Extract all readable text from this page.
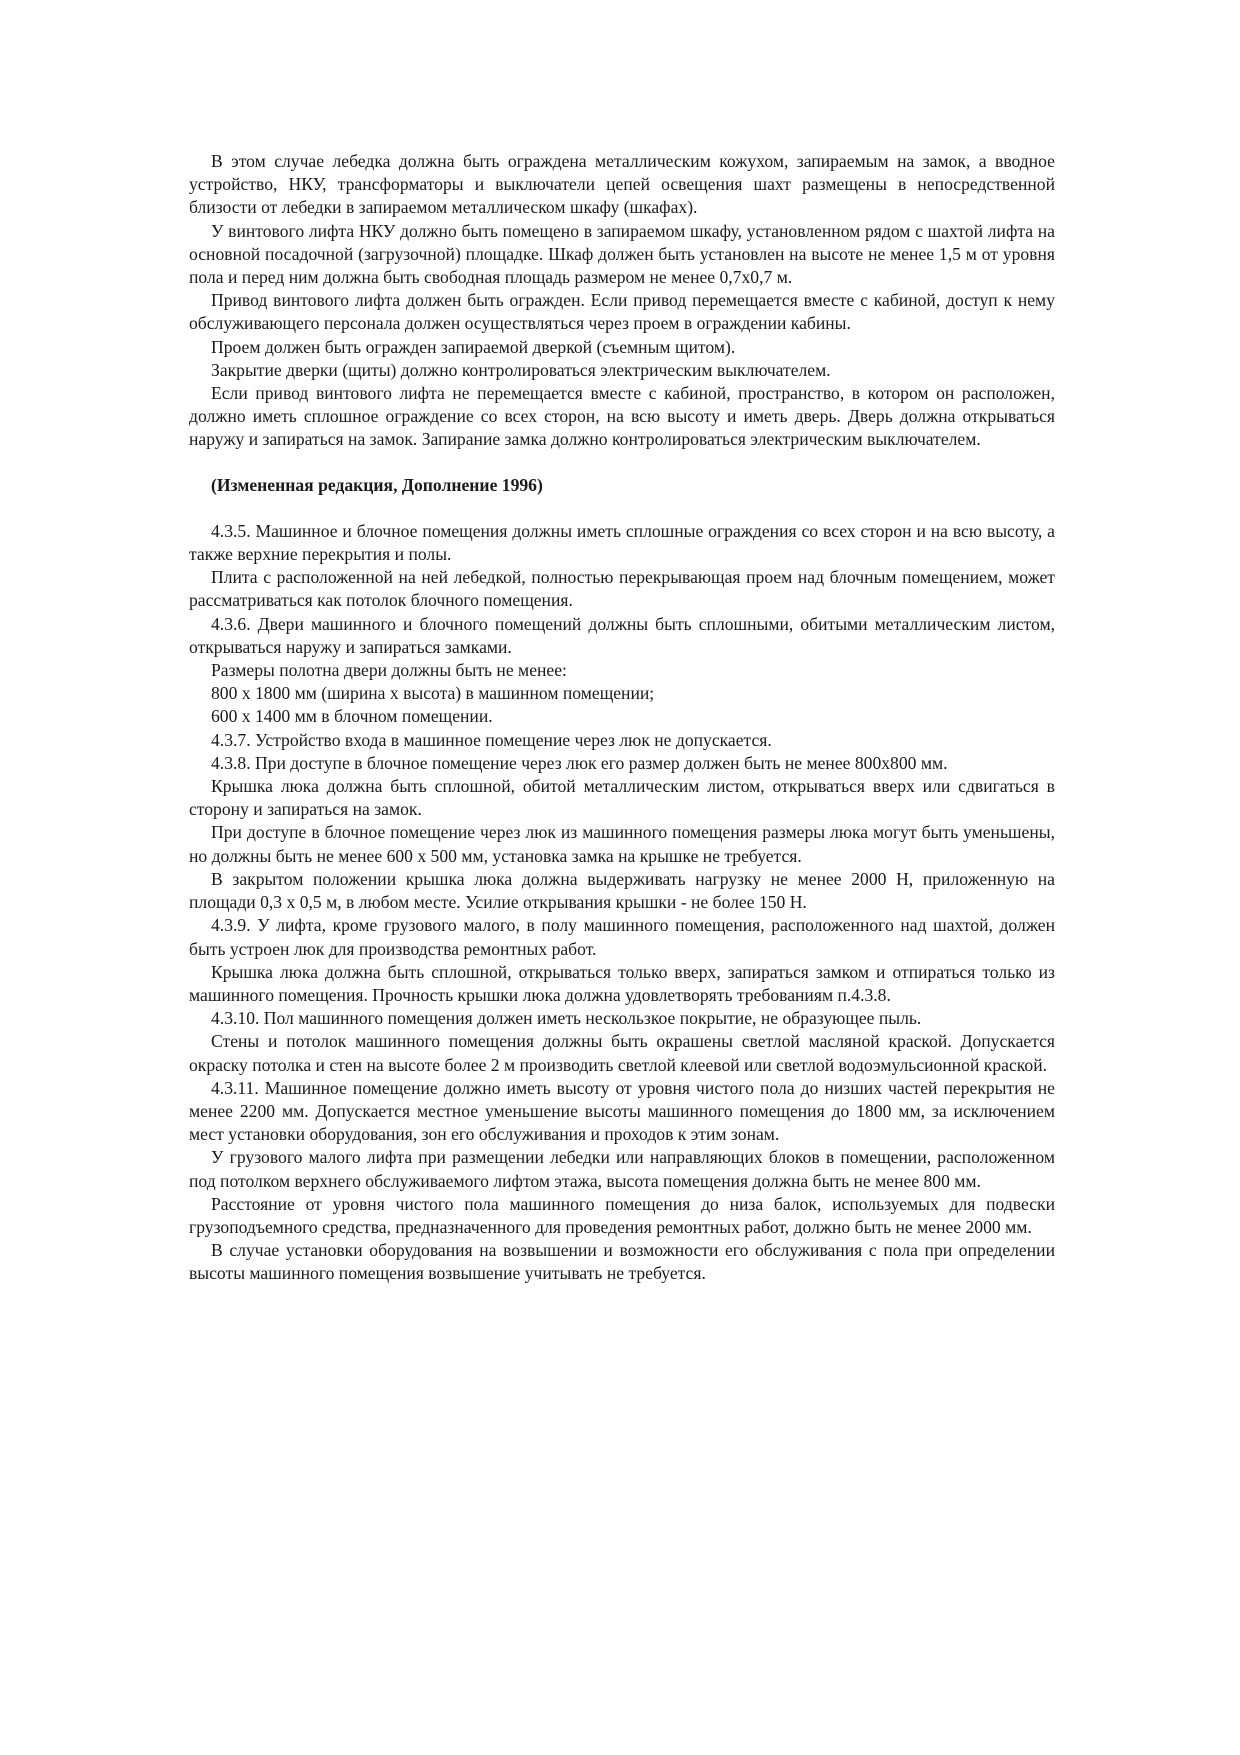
В этом случае лебедка должна быть ограждена металлическим кожухом, запираемым на замок, а вводное устройство, НКУ, трансформаторы и выключатели цепей освещения шахт размещены в непосредственной близости от лебедки в запираемом металлическом шкафу (шкафах).

У винтового лифта НКУ должно быть помещено в запираемом шкафу, установленном рядом с шахтой лифта на основной посадочной (загрузочной) площадке. Шкаф должен быть установлен на высоте не менее 1,5 м от уровня пола и перед ним должна быть свободная площадь размером не менее 0,7х0,7 м.

Привод винтового лифта должен быть огражден. Если привод перемещается вместе с кабиной, доступ к нему обслуживающего персонала должен осуществляться через проем в ограждении кабины.

Проем должен быть огражден запираемой дверкой (съемным щитом).

Закрытие дверки (щиты) должно контролироваться электрическим выключателем.

Если привод винтового лифта не перемещается вместе с кабиной, пространство, в котором он расположен, должно иметь сплошное ограждение со всех сторон, на всю высоту и иметь дверь. Дверь должна открываться наружу и запираться на замок. Запирание замка должно контролироваться электрическим выключателем.

(Измененная редакция, Дополнение 1996)

4.3.5. Машинное и блочное помещения должны иметь сплошные ограждения со всех сторон и на всю высоту, а также верхние перекрытия и полы.

Плита с расположенной на ней лебедкой, полностью перекрывающая проем над блочным помещением, может рассматриваться как потолок блочного помещения.

4.3.6. Двери машинного и блочного помещений должны быть сплошными, обитыми металлическим листом, открываться наружу и запираться замками.

Размеры полотна двери должны быть не менее:

800 x 1800 мм (ширина х высота) в машинном помещении;

600 x 1400 мм в блочном помещении.

4.3.7. Устройство входа в машинное помещение через люк не допускается.

4.3.8. При доступе в блочное помещение через люк его размер должен быть не менее 800x800 мм.

Крышка люка должна быть сплошной, обитой металлическим листом, открываться вверх или сдвигаться в сторону и запираться на замок.

При доступе в блочное помещение через люк из машинного помещения размеры люка могут быть уменьшены, но должны быть не менее 600 x 500 мм, установка замка на крышке не требуется.

В закрытом положении крышка люка должна выдерживать нагрузку не менее 2000 Н, приложенную на площади 0,3 x 0,5 м, в любом месте. Усилие открывания крышки - не более 150 Н.

4.3.9. У лифта, кроме грузового малого, в полу машинного помещения, расположенного над шахтой, должен быть устроен люк для производства ремонтных работ.

Крышка люка должна быть сплошной, открываться только вверх, запираться замком и отпираться только из машинного помещения. Прочность крышки люка должна удовлетворять требованиям п.4.3.8.

4.3.10. Пол машинного помещения должен иметь нескользкое покрытие, не образующее пыль.

Стены и потолок машинного помещения должны быть окрашены светлой масляной краской. Допускается окраску потолка и стен на высоте более 2 м производить светлой клеевой или светлой водоэмульсионной краской.

4.3.11. Машинное помещение должно иметь высоту от уровня чистого пола до низших частей перекрытия не менее 2200 мм. Допускается местное уменьшение высоты машинного помещения до 1800 мм, за исключением мест установки оборудования, зон его обслуживания и проходов к этим зонам.

У грузового малого лифта при размещении лебедки или направляющих блоков в помещении, расположенном под потолком верхнего обслуживаемого лифтом этажа, высота помещения должна быть не менее 800 мм.

Расстояние от уровня чистого пола машинного помещения до низа балок, используемых для подвески грузоподъемного средства, предназначенного для проведения ремонтных работ, должно быть не менее 2000 мм.

В случае установки оборудования на возвышении и возможности его обслуживания с пола при определении высоты машинного помещения возвышение учитывать не требуется.
